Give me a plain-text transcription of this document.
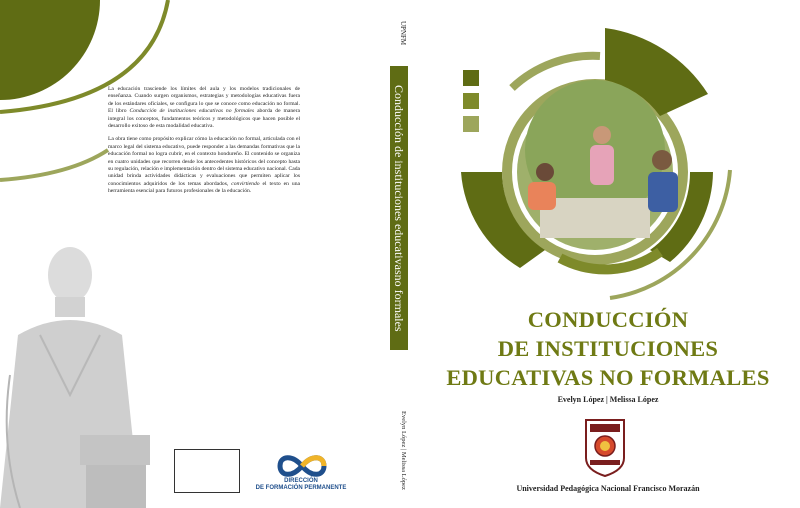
La educación trasciende los límites del aula y los modelos tradicionales de enseñanza. Cuando surgen organismos, estrategias y metodologías educativas fuera de los estándares oficiales, se configura lo que se conoce como educación no formal. El libro Conducción de instituciones educativas no formales aborda de manera integral los conceptos, fundamentos teóricos y metodológicos que hacen posible el desarrollo exitoso de esta modalidad educativa.

La obra tiene como propósito explicar cómo la educación no formal, articulada con el marco legal del sistema educativo, puede responder a las demandas formativas que la educación formal no logra cubrir, en el contexto hondureño. El contenido se organiza en cuatro unidades que recorren desde los antecedentes históricos del concepto hasta su regulación, relación e implementación dentro del sistema educativo nacional. Cada unidad brinda actividades didácticas y evaluaciones que permiten aplicar los conocimientos adquiridos de los temas abordados, convirtiendo el texto en una herramienta esencial para futuros profesionales de la educación.

DIRECCIÓN
DE FORMACIÓN PERMANENTE
UPNFM
Conducción de instituciones educativasno formales
Evelyn López | Melissa López
CONDUCCIÓN
DE INSTITUCIONES
EDUCATIVAS NO FORMALES
Evelyn López | Melissa López
Universidad Pedagógica Nacional Francisco Morazán
